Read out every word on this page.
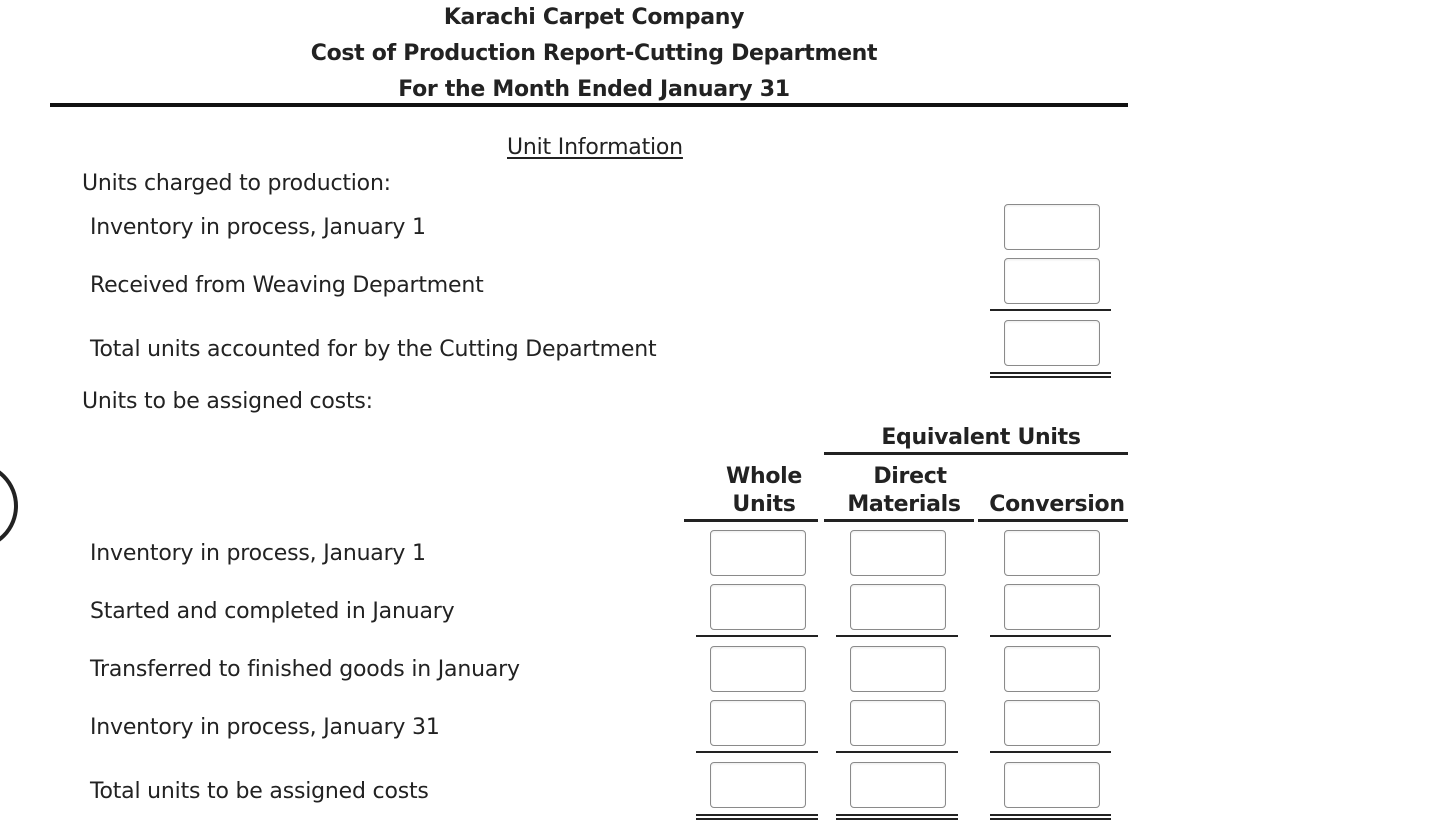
Karachi Carpet Company
Cost of Production Report-Cutting Department
For the Month Ended January 31
Unit Information
Units charged to production:
Inventory in process, January 1
Received from Weaving Department
Total units accounted for by the Cutting Department
Units to be assigned costs:
Equivalent Units
Whole
Units
Direct
Materials	Conversion
Inventory in process, January 1
Started and completed in January
Transferred to finished goods in January
Inventory in process, January 31
Total units to be assigned costs
